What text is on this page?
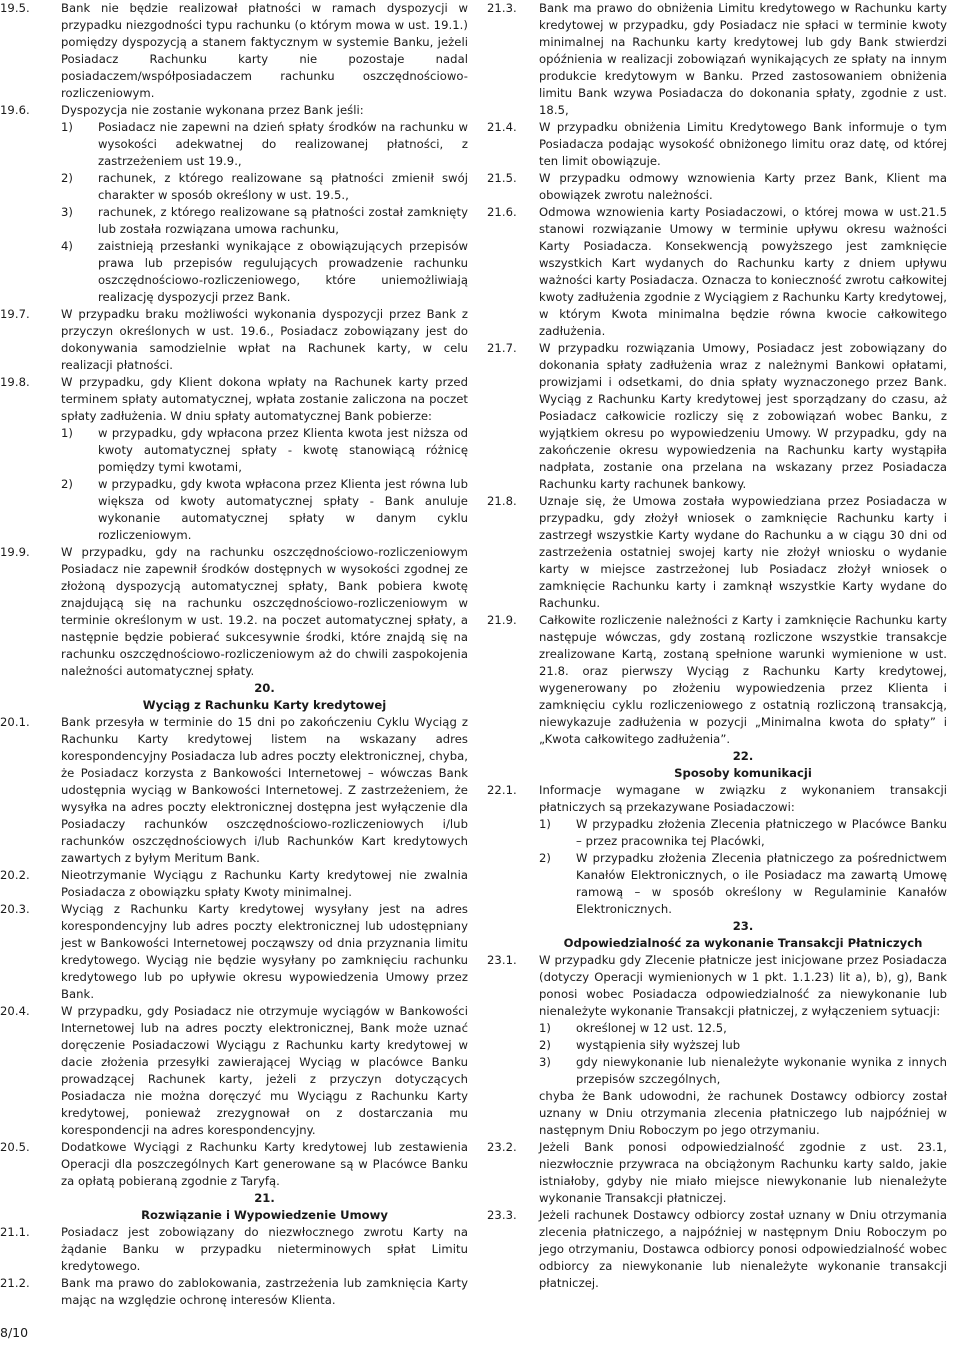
19.5.	Bank nie będzie realizował płatności w ramach dyspozycji w przypadku niezgodności typu rachunku (o którym mowa w ust. 19.1.) pomiędzy dyspozycją a stanem faktycznym w systemie Banku, jeżeli Posiadacz Rachunku karty nie pozostaje nadal posiadaczem/współposiadaczem rachunku oszczędnościowo-rozliczeniowym.
19.6.	Dyspozycja nie zostanie wykonana przez Bank jeśli:
1) Posiadacz nie zapewni na dzień spłaty środków na rachunku w wysokości adekwatnej do realizowanej płatności, z zastrzeżeniem ust 19.9.,
2) rachunek, z którego realizowane są płatności zmienił swój charakter w sposób określony w ust. 19.5.,
3) rachunek, z którego realizowane są płatności został zamknięty lub została rozwiązana umowa rachunku,
4) zaistnieją przesłanki wynikające z obowiązujących przepisów prawa lub przepisów regulujących prowadzenie rachunku oszczędnościowo-rozliczeniowego, które uniemożliwiają realizację dyspozycji przez Bank.
19.7.	W przypadku braku możliwości wykonania dyspozycji przez Bank z przyczyn określonych w ust. 19.6., Posiadacz zobowiązany jest do dokonywania samodzielnie wpłat na Rachunek karty, w celu realizacji płatności.
19.8.	W przypadku, gdy Klient dokona wpłaty na Rachunek karty przed terminem spłaty automatycznej, wpłata zostanie zaliczona na poczet spłaty zadłużenia. W dniu spłaty automatycznej Bank pobierze:
1) w przypadku, gdy wpłacona przez Klienta kwota jest niższa od kwoty automatycznej spłaty - kwotę stanowiącą różnicę pomiędzy tymi kwotami,
2) w przypadku, gdy kwota wpłacona przez Klienta jest równa lub większa od kwoty automatycznej spłaty - Bank anuluje wykonanie automatycznej spłaty w danym cyklu rozliczeniowym.
19.9.	W przypadku, gdy na rachunku oszczędnościowo-rozliczeniowym Posiadacz nie zapewnił środków dostępnych w wysokości zgodnej ze złożoną dyspozycją automatycznej spłaty, Bank pobiera kwotę znajdującą się na rachunku oszczędnościowo-rozliczeniowym w terminie określonym w ust. 19.2. na poczet automatycznej spłaty, a następnie będzie pobierać sukcesywnie środki, które znajdą się na rachunku oszczędnościowo-rozliczeniowym aż do chwili zaspokojenia należności automatycznej spłaty.
20.
Wyciąg z Rachunku Karty kredytowej
20.1.	Bank przesyła w terminie do 15 dni po zakończeniu Cyklu Wyciąg z Rachunku Karty kredytowej listem na wskazany adres korespondencyjny Posiadacza lub adres poczty elektronicznej, chyba, że Posiadacz korzysta z Bankowości Internetowej – wówczas Bank udostępnia wyciąg w Bankowości Internetowej. Z zastrzeżeniem, że wysyłka na adres poczty elektronicznej dostępna jest wyłączenie dla Posiadaczy rachunków oszczędnościowo-rozliczeniowych i/lub rachunków oszczędnościowych i/lub Rachunków Kart kredytowych zawartych z byłym Meritum Bank.
20.2.	Nieotrzymanie Wyciągu z Rachunku Karty kredytowej nie zwalnia Posiadacza z obowiązku spłaty Kwoty minimalnej.
20.3.	Wyciąg z Rachunku Karty kredytowej wysyłany jest na adres korespondencyjny lub adres poczty elektronicznej lub udostępniany jest w Bankowości Internetowej począwszy od dnia przyznania limitu kredytowego. Wyciąg nie będzie wysyłany po zamknięciu rachunku kredytowego lub po upływie okresu wypowiedzenia Umowy przez Bank.
20.4.	W przypadku, gdy Posiadacz nie otrzymuje wyciągów w Bankowości Internetowej lub na adres poczty elektronicznej, Bank może uznać doręczenie Posiadaczowi Wyciągu z Rachunku karty kredytowej w dacie złożenia przesyłki zawierającej Wyciąg w placówce Banku prowadzącej Rachunek karty, jeżeli z przyczyn dotyczących Posiadacza nie można doręczyć mu Wyciągu z Rachunku Karty kredytowej, ponieważ zrezygnował on z dostarczania mu korespondencji na adres korespondencyjny.
20.5.	Dodatkowe Wyciągi z Rachunku Karty kredytowej lub zestawienia Operacji dla poszczególnych Kart generowane są w Placówce Banku za opłatą pobieraną zgodnie z Taryfą.
21.
Rozwiązanie i Wypowiedzenie Umowy
21.1.	Posiadacz jest zobowiązany do niezwłocznego zwrotu Karty na żądanie Banku w przypadku nieterminowych spłat Limitu kredytowego.
21.2.	Bank ma prawo do zablokowania, zastrzeżenia lub zamknięcia Karty mając na względzie ochronę interesów Klienta.
21.3. Bank ma prawo do obniżenia Limitu kredytowego w Rachunku karty kredytowej w przypadku, gdy Posiadacz nie spłaci w terminie kwoty minimalnej na Rachunku karty kredytowej lub gdy Bank stwierdzi opóźnienia w realizacji zobowiązań wynikających ze spłaty na innym produkcie kredytowym w Banku. Przed zastosowaniem obniżenia limitu Bank wzywa Posiadacza do dokonania spłaty, zgodnie z ust. 18.5,
21.4. W przypadku obniżenia Limitu Kredytowego Bank informuje o tym Posiadacza podając wysokość obniżonego limitu oraz datę, od której ten limit obowiązuje.
21.5. W przypadku odmowy wznowienia Karty przez Bank, Klient ma obowiązek zwrotu należności.
21.6. Odmowa wznowienia karty Posiadaczowi, o której mowa w ust.21.5 stanowi rozwiązanie Umowy w terminie upływu okresu ważności Karty Posiadacza. Konsekwencją powyższego jest zamknięcie wszystkich Kart wydanych do Rachunku karty z dniem upływu ważności karty Posiadacza. Oznacza to konieczność zwrotu całkowitej kwoty zadłużenia zgodnie z Wyciągiem z Rachunku Karty kredytowej, w którym Kwota minimalna będzie równa kwocie całkowitego zadłużenia.
21.7. W przypadku rozwiązania Umowy, Posiadacz jest zobowiązany do dokonania spłaty zadłużenia wraz z należnymi Bankowi opłatami, prowizjami i odsetkami, do dnia spłaty wyznaczonego przez Bank. Wyciąg z Rachunku Karty kredytowej jest sporządzany do czasu, aż Posiadacz całkowicie rozliczy się z zobowiązań wobec Banku, z wyjątkiem okresu po wypowiedzeniu Umowy. W przypadku, gdy na zakończenie okresu wypowiedzenia na Rachunku karty wystąpiła nadpłata, zostanie ona przelana na wskazany przez Posiadacza Rachunku karty rachunek bankowy.
21.8. Uznaje się, że Umowa została wypowiedziana przez Posiadacza w przypadku, gdy złożył wniosek o zamknięcie Rachunku karty i zastrzegł wszystkie Karty wydane do Rachunku a w ciągu 30 dni od zastrzeżenia ostatniej swojej karty nie złożył wniosku o wydanie karty w miejsce zastrzeżonej lub Posiadacz złożył wniosek o zamknięcie Rachunku karty i zamknął wszystkie Karty wydane do Rachunku.
21.9. Całkowite rozliczenie należności z Karty i zamknięcie Rachunku karty następuje wówczas, gdy zostaną rozliczone wszystkie transakcje zrealizowane Kartą, zostaną spełnione warunki wymienione w ust. 21.8. oraz pierwszy Wyciąg z Rachunku Karty kredytowej, wygenerowany po złożeniu wypowiedzenia przez Klienta i zamknięciu cyklu rozliczeniowego z ostatnią rozliczoną transakcją, niewykazuje zadłużenia w pozycji „Minimalna kwota do spłaty” i „Kwota całkowitego zadłużenia”.
22.
Sposoby komunikacji
22.1. Informacje wymagane w związku z wykonaniem transakcji płatniczych są przekazywane Posiadaczowi:
1) W przypadku złożenia Zlecenia płatniczego w Placówce Banku – przez pracownika tej Placówki,
2) W przypadku złożenia Zlecenia płatniczego za pośrednictwem Kanałów Elektronicznych, o ile Posiadacz ma zawartą Umowę ramową – w sposób określony w Regulaminie Kanałów Elektronicznych.
23.
Odpowiedzialność za wykonanie Transakcji Płatniczych
23.1. W przypadku gdy Zlecenie płatnicze jest inicjowane przez Posiadacza (dotyczy Operacji wymienionych w 1 pkt. 1.1.23) lit a), b), g), Bank ponosi wobec Posiadacza odpowiedzialność za niewykonanie lub nienależyte wykonanie Transakcji płatniczej, z wyłączeniem sytuacji:
1) określonej w 12 ust. 12.5,
2) wystąpienia siły wyższej lub
3) gdy niewykonanie lub nienależyte wykonanie wynika z innych przepisów szczególnych,
chyba że Bank udowodni, że rachunek Dostawcy odbiorcy został uznany w Dniu otrzymania zlecenia płatniczego lub najpóźniej w następnym Dniu Roboczym po jego otrzymaniu.
23.2. Jeżeli Bank ponosi odpowiedzialność zgodnie z ust. 23.1, niezwłocznie przywraca na obciążonym Rachunku karty saldo, jakie istniałoby, gdyby nie miało miejsce niewykonanie lub nienależyte wykonanie Transakcji płatniczej.
23.3. Jeżeli rachunek Dostawcy odbiorcy został uznany w Dniu otrzymania zlecenia płatniczego, a najpóźniej w następnym Dniu Roboczym po jego otrzymaniu, Dostawca odbiorcy ponosi odpowiedzialność wobec odbiorcy za niewykonanie lub nienależyte wykonanie transakcji płatniczej.
8/10
